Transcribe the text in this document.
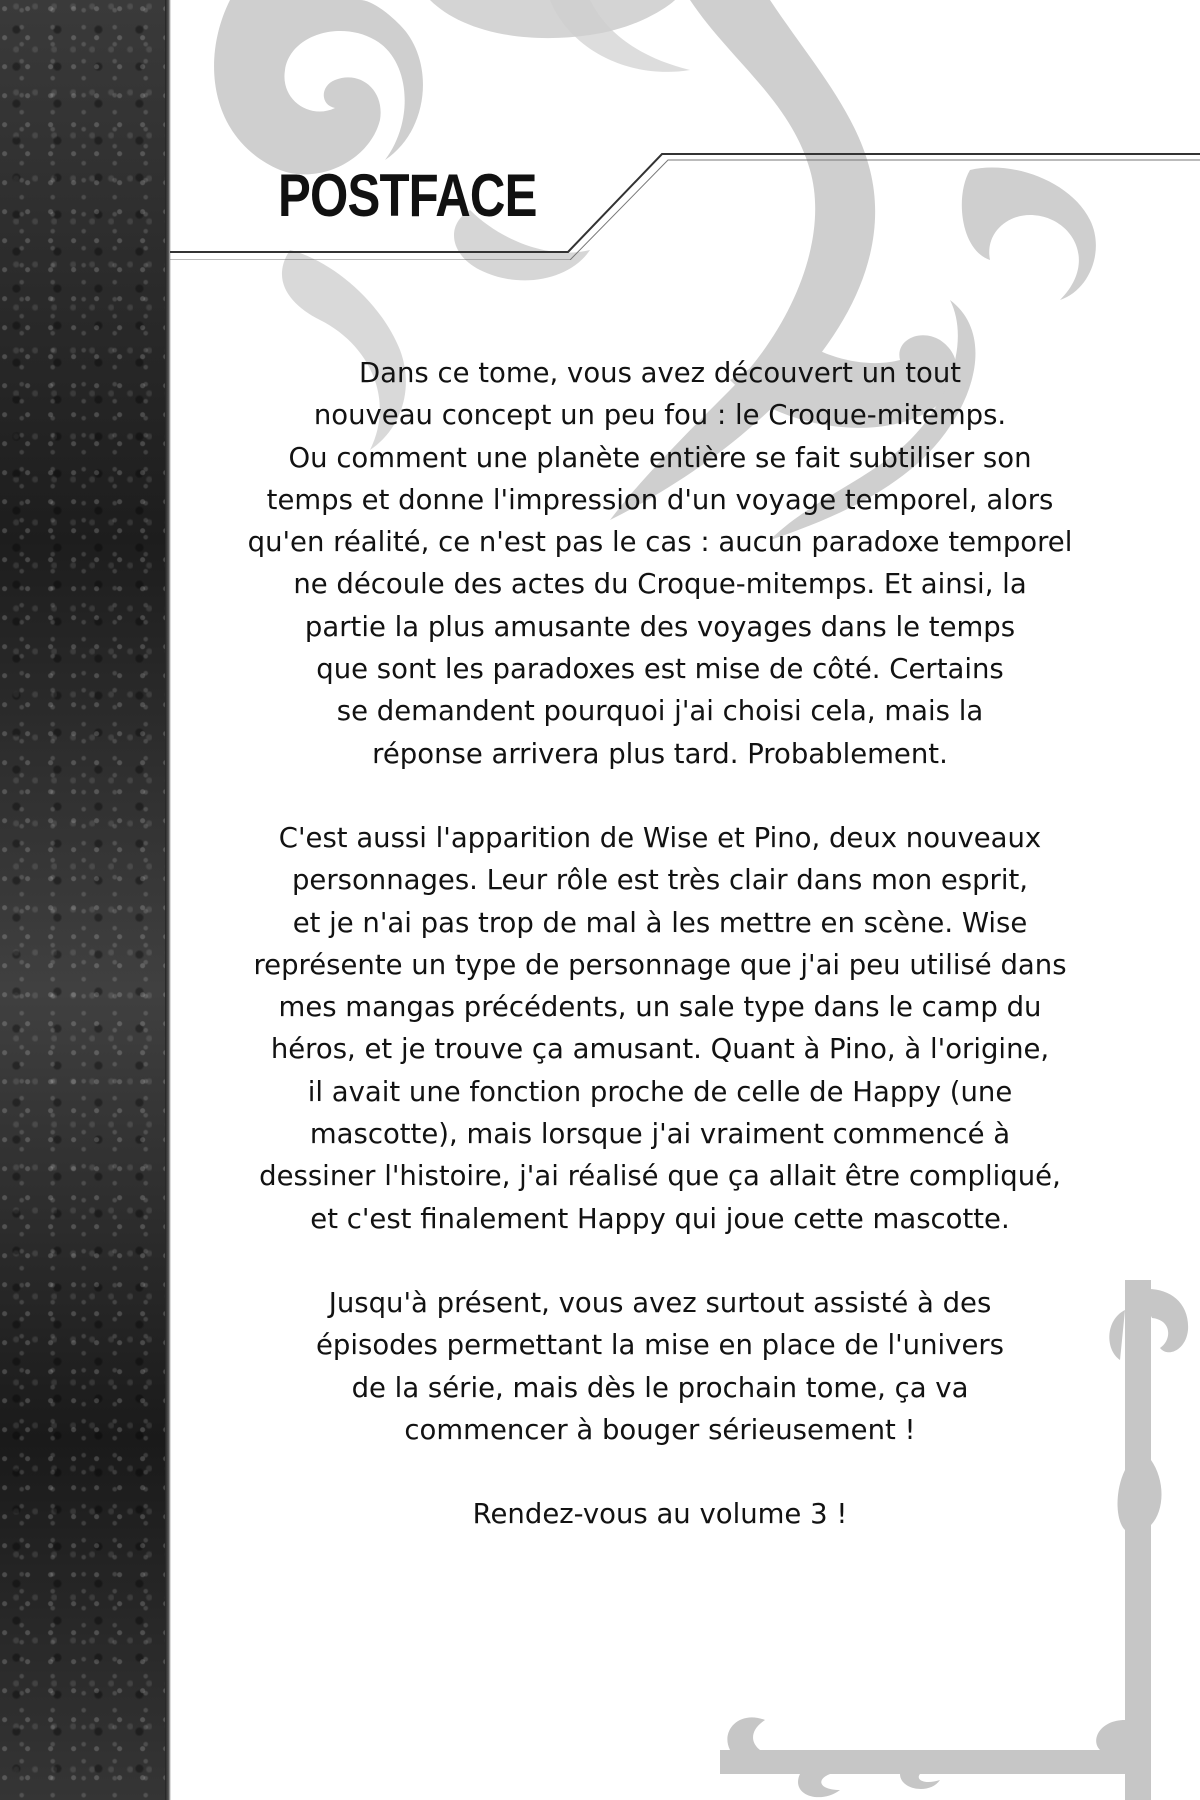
POSTFACE
Dans ce tome, vous avez découvert un tout
nouveau concept un peu fou : le Croque-mitemps.
Ou comment une planète entière se fait subtiliser son
temps et donne l'impression d'un voyage temporel, alors
qu'en réalité, ce n'est pas le cas : aucun paradoxe temporel
ne découle des actes du Croque-mitemps. Et ainsi, la
partie la plus amusante des voyages dans le temps
que sont les paradoxes est mise de côté. Certains
se demandent pourquoi j'ai choisi cela, mais la
réponse arrivera plus tard. Probablement.
C'est aussi l'apparition de Wise et Pino, deux nouveaux
personnages. Leur rôle est très clair dans mon esprit,
et je n'ai pas trop de mal à les mettre en scène. Wise
représente un type de personnage que j'ai peu utilisé dans
mes mangas précédents, un sale type dans le camp du
héros, et je trouve ça amusant. Quant à Pino, à l'origine,
il avait une fonction proche de celle de Happy (une
mascotte), mais lorsque j'ai vraiment commencé à
dessiner l'histoire, j'ai réalisé que ça allait être compliqué,
et c'est finalement Happy qui joue cette mascotte.
Jusqu'à présent, vous avez surtout assisté à des
épisodes permettant la mise en place de l'univers
de la série, mais dès le prochain tome, ça va
commencer à bouger sérieusement !
Rendez-vous au volume 3 !
